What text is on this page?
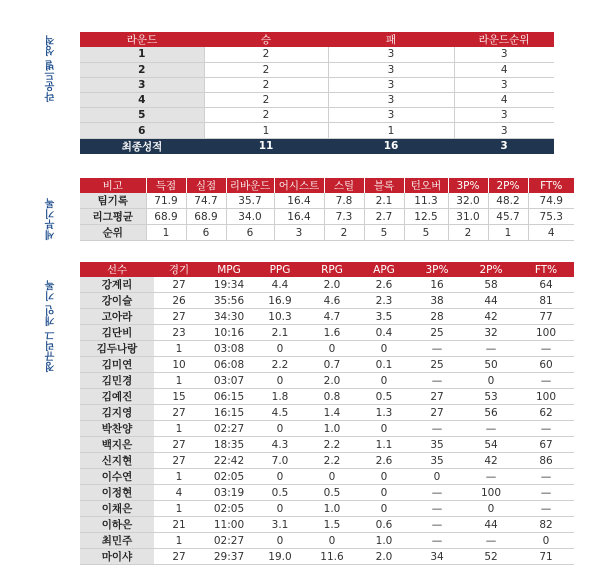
라운드별 성적	라운드	승	패	라운드순위
1	2	3	3
2	2	3	4
3	2	3	3
4	2	3	4
5	2	3	3
6	1	1	3
최종성적	11	16	3
세부기록
비고	득점	실점	리바운드	어시스트	스틸	블록	턴오버	3P%	2P%	FT%
팀기록	71.9	74.7	35.7	16.4	7.8	2.1	11.3	32.0	48.2	74.9
리그평균	68.9	68.9	34.0	16.4	7.3	2.7	12.5	31.0	45.7	75.3
순위	1	6	6	3	2	5	5	2	1	4
정규리그 개인 기록
선수	경기	MPG	PPG	RPG	APG	3P%	2P%	FT%
강계리	27	19:34	4.4	2.0	2.6	16	58	64
강이슬	26	35:56	16.9	4.6	2.3	38	44	81
고아라	27	34:30	10.3	4.7	3.5	28	42	77
김단비	23	10:16	2.1	1.6	0.4	25	32	100
김두나랑	1	03:08	0	0	0	—	—	—
김미연	10	06:08	2.2	0.7	0.1	25	50	60
김민경	1	03:07	0	2.0	0	—	0	—
김예진	15	06:15	1.8	0.8	0.5	27	53	100
김지영	27	16:15	4.5	1.4	1.3	27	56	62
박찬양	1	02:27	0	1.0	0	—	—	—
백지은	27	18:35	4.3	2.2	1.1	35	54	67
신지현	27	22:42	7.0	2.2	2.6	35	42	86
이수연	1	02:05	0	0	0	0	—	—
이정현	4	03:19	0.5	0.5	0	—	100	—
이채은	1	02:05	0	1.0	0	—	0	—
이하은	21	11:00	3.1	1.5	0.6	—	44	82
최민주	1	02:27	0	0	1.0	—	—	0
마이샤	27	29:37	19.0	11.6	2.0	34	52	71
